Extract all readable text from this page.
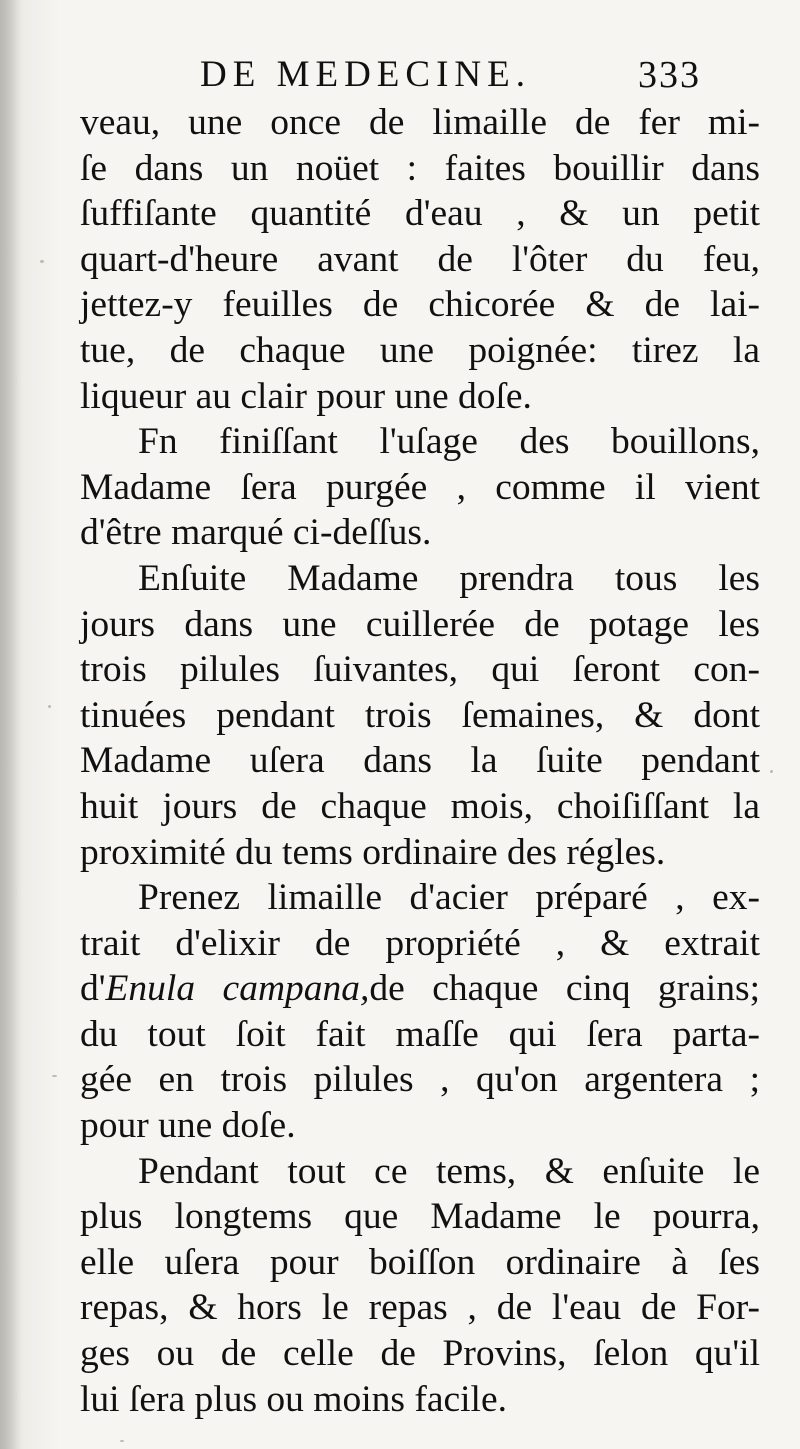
DE MEDECINE.	333
veau, une once de limaille de fer mi-
ſe dans un noüet : faites bouillir dans
ſuffiſante quantité d'eau , & un petit
quart-d'heure avant de l'ôter du feu,
jettez-y feuilles de chicorée & de lai-
tue, de chaque une poignée: tirez la
liqueur au clair pour une doſe.
Fn finiſſant l'uſage des bouillons,
Madame ſera purgée , comme il vient
d'être marqué ci-deſſus.
Enſuite Madame prendra tous les
jours dans une cuillerée de potage les
trois pilules ſuivantes, qui ſeront con-
tinuées pendant trois ſemaines, & dont
Madame uſera dans la ſuite pendant
huit jours de chaque mois, choiſiſſant la
proximité du tems ordinaire des régles.
Prenez limaille d'acier préparé , ex-
trait d'elixir de propriété , & extrait
d'Enula campana,de chaque cinq grains;
du tout ſoit fait maſſe qui ſera parta-
gée en trois pilules , qu'on argentera ;
pour une doſe.
Pendant tout ce tems, & enſuite le
plus longtems que Madame le pourra,
elle uſera pour boiſſon ordinaire à ſes
repas, & hors le repas , de l'eau de For-
ges ou de celle de Provins, ſelon qu'il
lui ſera plus ou moins facile.
